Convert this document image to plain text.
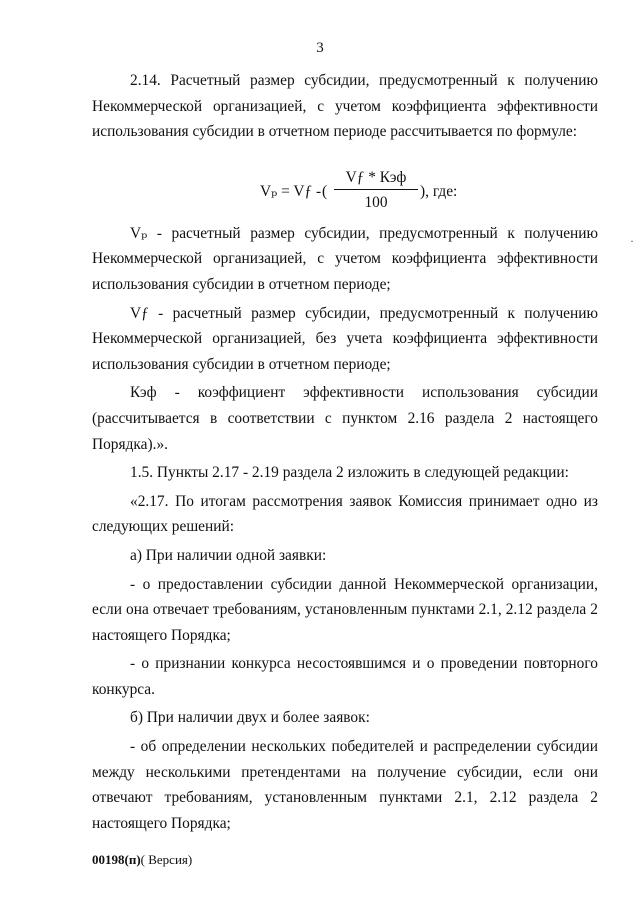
3

2.14. Расчетный размер субсидии, предусмотренный к получению Некоммерческой организацией, с учетом коэффициента эффективности использования субсидии в отчетном периоде рассчитывается по формуле:

Vₚ = Vƒ - (
Vƒ * Кэф
100
), где:

Vₚ - расчетный размер субсидии, предусмотренный к получению Некоммерческой организацией, с учетом коэффициента эффективности использования субсидии в отчетном периоде;

Vƒ - расчетный размер субсидии, предусмотренный к получению Некоммерческой организацией, без учета коэффициента эффективности использования субсидии в отчетном периоде;

Кэф - коэффициент эффективности использования субсидии (рассчитывается в соответствии с пунктом 2.16 раздела 2 настоящего Порядка).».

1.5. Пункты 2.17 - 2.19 раздела 2 изложить в следующей редакции:

«2.17. По итогам рассмотрения заявок Комиссия принимает одно из следующих решений:

а) При наличии одной заявки:

- о предоставлении субсидии данной Некоммерческой организации, если она отвечает требованиям, установленным пунктами 2.1, 2.12 раздела 2 настоящего Порядка;

- о признании конкурса несостоявшимся и о проведении повторного конкурса.

б) При наличии двух и более заявок:

- об определении нескольких победителей и распределении субсидии между несколькими претендентами на получение субсидии, если они отвечают требованиям, установленным пунктами 2.1, 2.12 раздела 2 настоящего Порядка;

·
00198(п)( Версия)
